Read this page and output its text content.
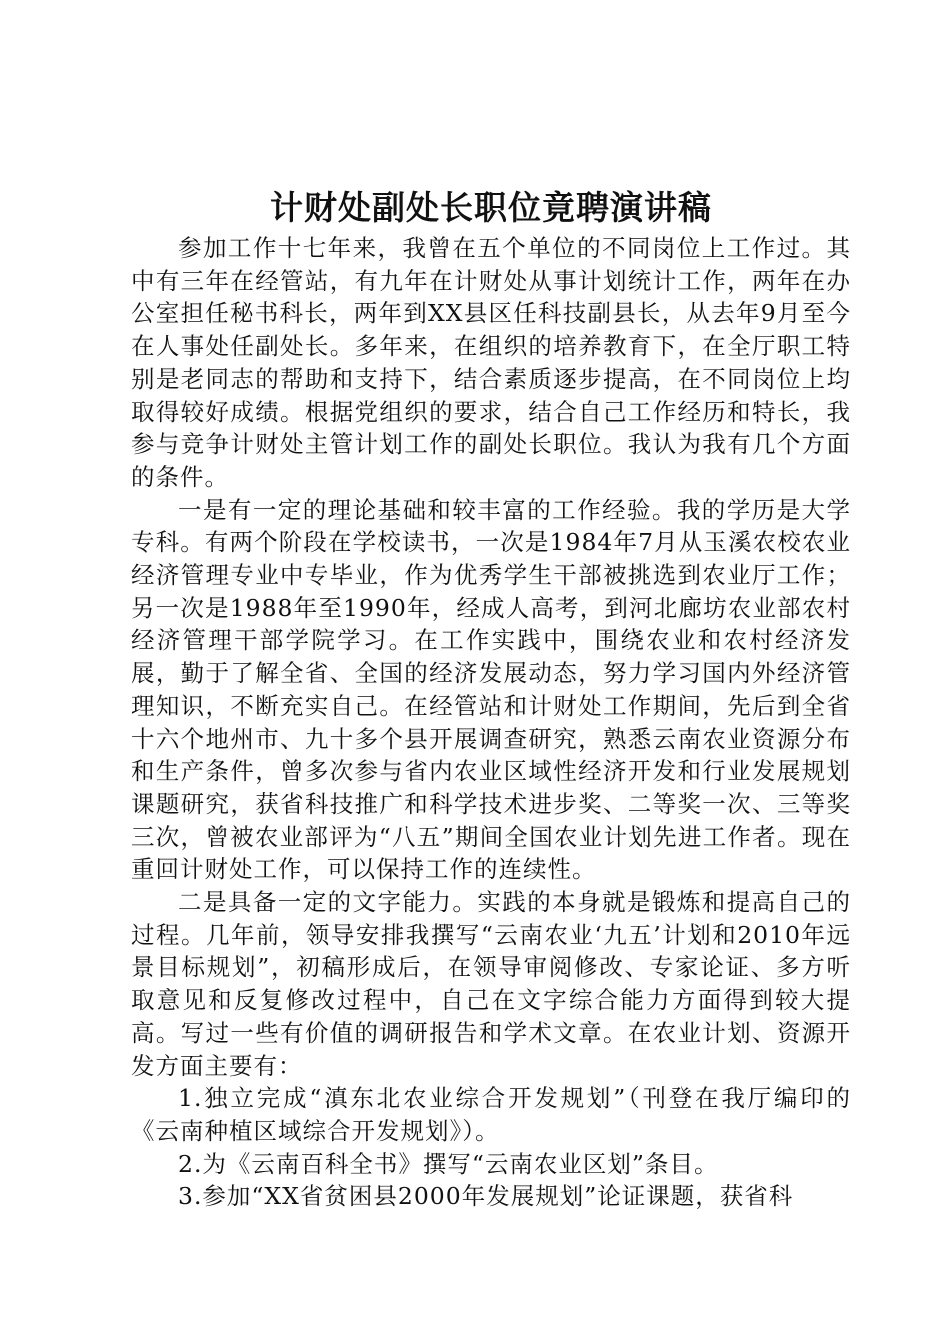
计财处副处长职位竟聘演讲稿

参加工作十七年来，我曾在五个单位的不同岗位上工作过。其中有三年在经管站，有九年在计财处从事计划统计工作，两年在办公室担任秘书科长，两年到XX县区任科技副县长，从去年9月至今在人事处任副处长。多年来，在组织的培养教育下，在全厅职工特别是老同志的帮助和支持下，结合素质逐步提高，在不同岗位上均取得较好成绩。根据党组织的要求，结合自己工作经历和特长，我参与竞争计财处主管计划工作的副处长职位。我认为我有几个方面的条件。

一是有一定的理论基础和较丰富的工作经验。我的学历是大学专科。有两个阶段在学校读书，一次是1984年7月从玉溪农校农业经济管理专业中专毕业，作为优秀学生干部被挑选到农业厅工作；另一次是1988年至1990年，经成人高考，到河北廊坊农业部农村经济管理干部学院学习。在工作实践中，围绕农业和农村经济发展，勤于了解全省、全国的经济发展动态，努力学习国内外经济管理知识，不断充实自己。在经管站和计财处工作期间，先后到全省十六个地州市、九十多个县开展调查研究，熟悉云南农业资源分布和生产条件，曾多次参与省内农业区域性经济开发和行业发展规划课题研究，获省科技推广和科学技术进步奖、二等奖一次、三等奖三次，曾被农业部评为“八五”期间全国农业计划先进工作者。现在重回计财处工作，可以保持工作的连续性。

二是具备一定的文字能力。实践的本身就是锻炼和提高自己的过程。几年前，领导安排我撰写“云南农业‘九五’计划和2010年远景目标规划”，初稿形成后，在领导审阅修改、专家论证、多方听取意见和反复修改过程中，自己在文字综合能力方面得到较大提高。写过一些有价值的调研报告和学术文章。在农业计划、资源开发方面主要有：

1.独立完成“滇东北农业综合开发规划”（刊登在我厅编印的《云南种植区域综合开发规划》）。

2.为《云南百科全书》撰写“云南农业区划”条目。

3.参加“XX省贫困县2000年发展规划”论证课题，获省科
